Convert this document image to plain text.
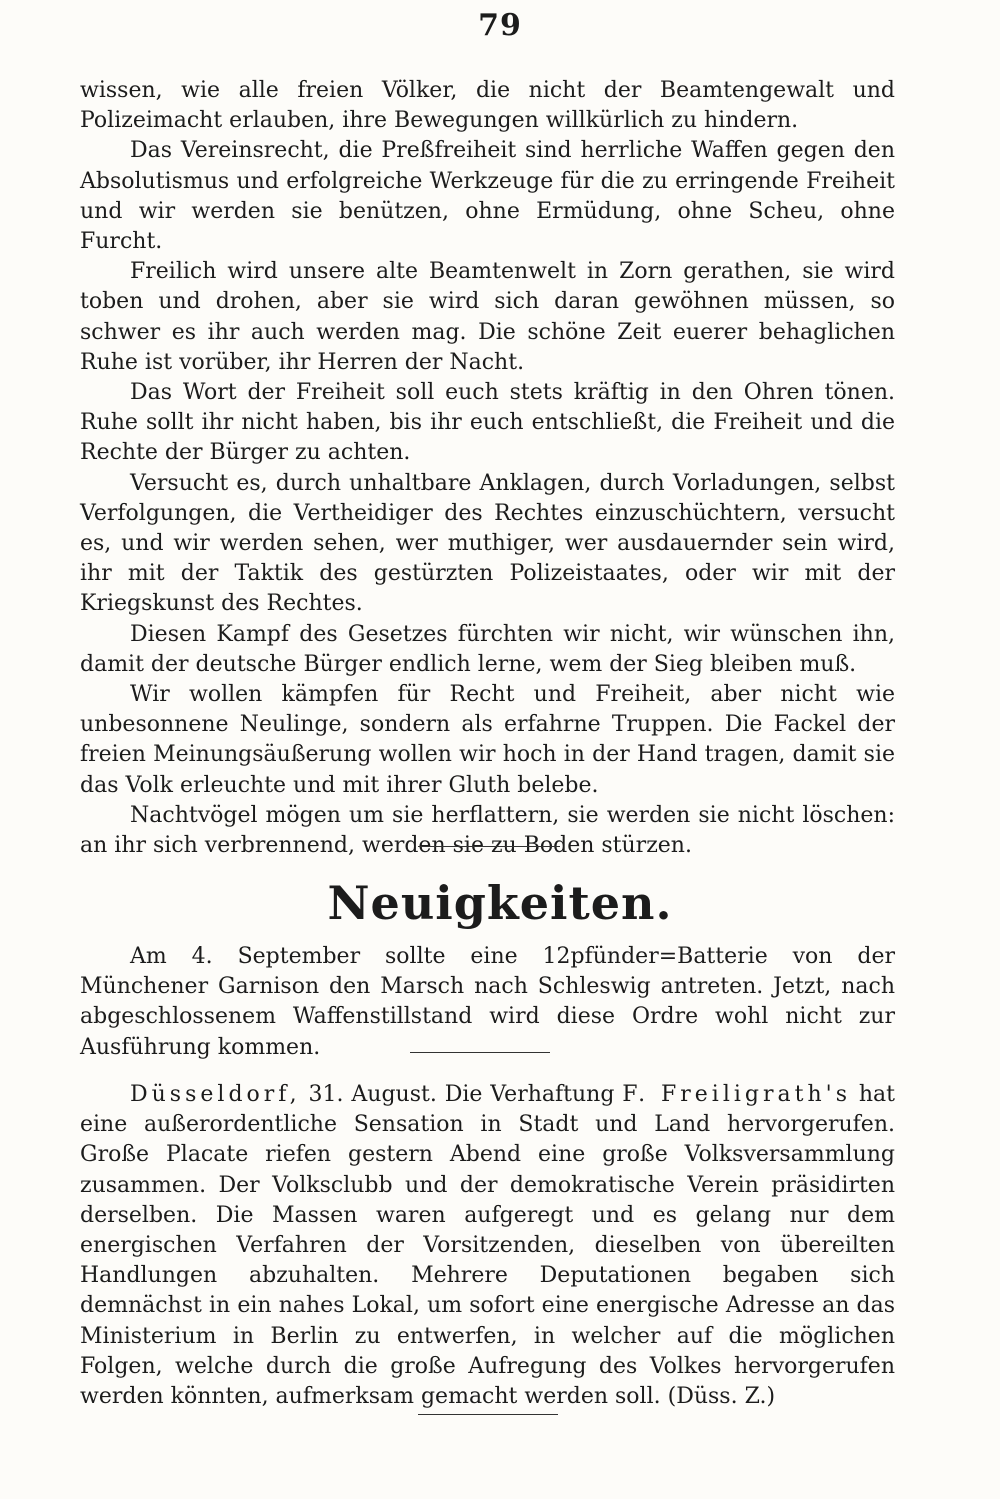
79

wissen, wie alle freien Völker, die nicht der Beamtengewalt und Polizeimacht erlauben, ihre Bewegungen willkürlich zu hindern.

Das Vereinsrecht, die Preßfreiheit sind herrliche Waffen gegen den Absolutismus und erfolgreiche Werkzeuge für die zu erringende Freiheit und wir werden sie benützen, ohne Ermüdung, ohne Scheu, ohne Furcht.

Freilich wird unsere alte Beamtenwelt in Zorn gerathen, sie wird toben und drohen, aber sie wird sich daran gewöhnen müssen, so schwer es ihr auch werden mag. Die schöne Zeit euerer behaglichen Ruhe ist vorüber, ihr Herren der Nacht.

Das Wort der Freiheit soll euch stets kräftig in den Ohren tönen. Ruhe sollt ihr nicht haben, bis ihr euch entschließt, die Freiheit und die Rechte der Bürger zu achten.

Versucht es, durch unhaltbare Anklagen, durch Vorladungen, selbst Verfolgungen, die Vertheidiger des Rechtes einzuschüchtern, versucht es, und wir werden sehen, wer muthiger, wer ausdauernder sein wird, ihr mit der Taktik des gestürzten Polizeistaates, oder wir mit der Kriegskunst des Rechtes.

Diesen Kampf des Gesetzes fürchten wir nicht, wir wünschen ihn, damit der deutsche Bürger endlich lerne, wem der Sieg bleiben muß.

Wir wollen kämpfen für Recht und Freiheit, aber nicht wie unbesonnene Neulinge, sondern als erfahrne Truppen. Die Fackel der freien Meinungsäußerung wollen wir hoch in der Hand tragen, damit sie das Volk erleuchte und mit ihrer Gluth belebe.

Nachtvögel mögen um sie herflattern, sie werden sie nicht löschen: an ihr sich verbrennend, werden sie zu Boden stürzen.

Neuigkeiten.

Am 4. September sollte eine 12pfünder=Batterie von der Münchener Garnison den Marsch nach Schleswig antreten. Jetzt, nach abgeschlossenem Waffenstillstand wird diese Ordre wohl nicht zur Ausführung kommen.

Düsseldorf, 31. August. Die Verhaftung F. Freiligrath's hat eine außerordentliche Sensation in Stadt und Land hervorgerufen. Große Placate riefen gestern Abend eine große Volksversammlung zusammen. Der Volksclubb und der demokratische Verein präsidirten derselben. Die Massen waren aufgeregt und es gelang nur dem energischen Verfahren der Vorsitzenden, dieselben von übereilten Handlungen abzuhalten. Mehrere Deputationen begaben sich demnächst in ein nahes Lokal, um sofort eine energische Adresse an das Ministerium in Berlin zu entwerfen, in welcher auf die möglichen Folgen, welche durch die große Aufregung des Volkes hervorgerufen werden könnten, aufmerksam gemacht werden soll. (Düss. Z.)
